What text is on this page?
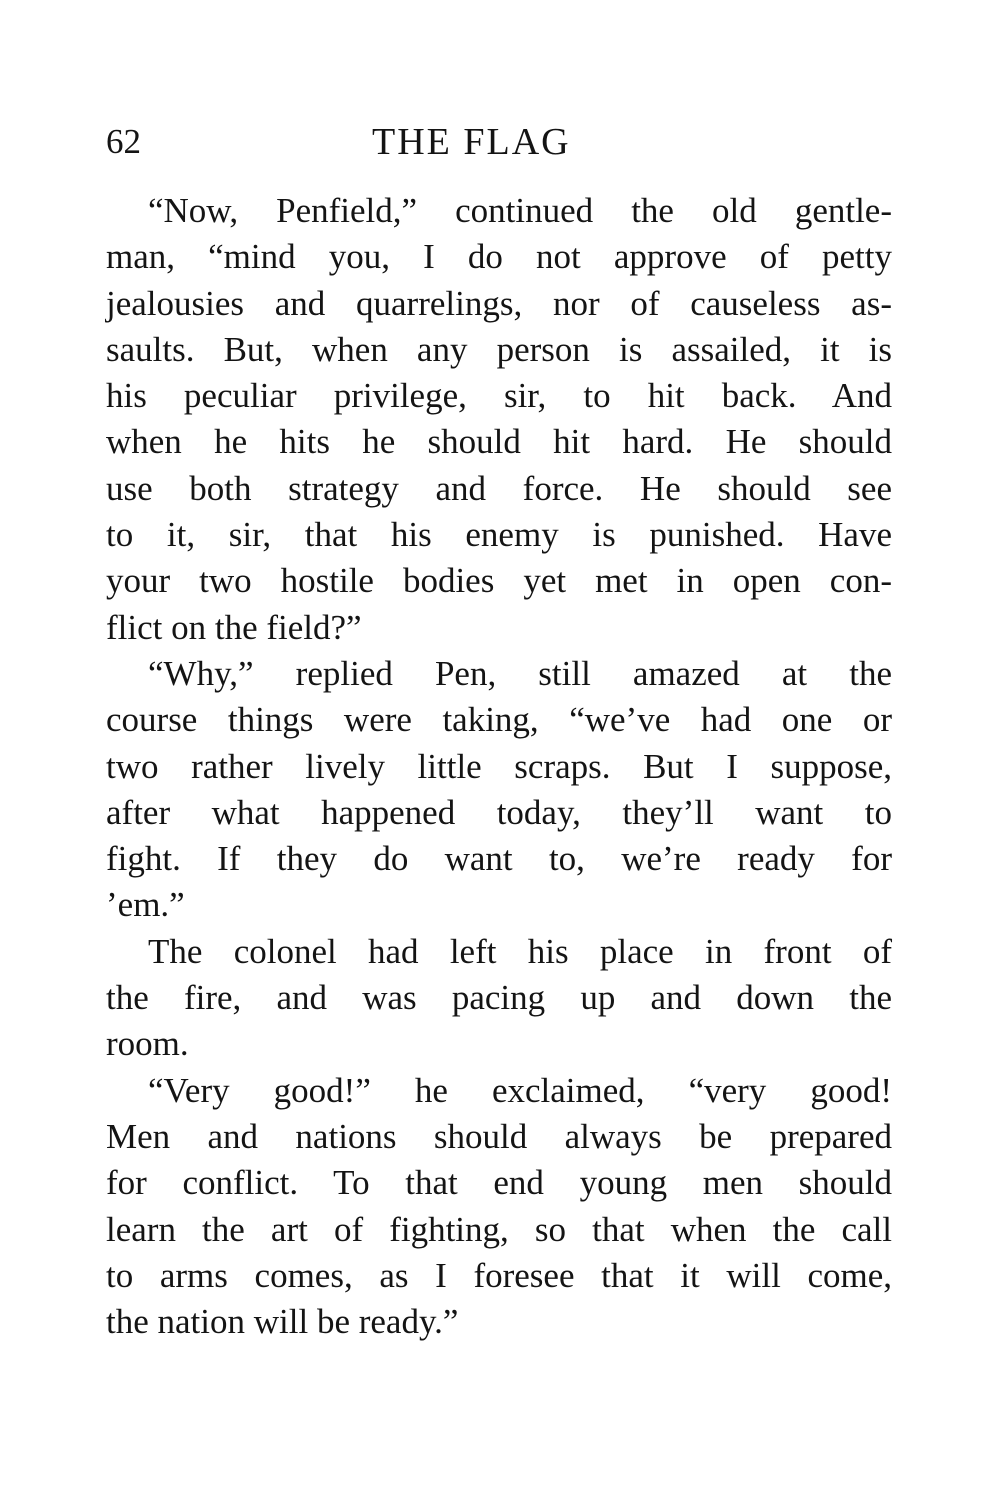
62	THE FLAG

“Now, Penfield,” continued the old gentle-
man, “mind you, I do not approve of petty
jealousies and quarrelings, nor of causeless as-
saults. But, when any person is assailed, it is
his peculiar privilege, sir, to hit back. And
when he hits he should hit hard. He should
use both strategy and force. He should see
to it, sir, that his enemy is punished. Have
your two hostile bodies yet met in open con-
flict on the field?”

“Why,” replied Pen, still amazed at the
course things were taking, “we’ve had one or
two rather lively little scraps. But I suppose,
after what happened today, they’ll want to
fight. If they do want to, we’re ready for
’em.”

The colonel had left his place in front of
the fire, and was pacing up and down the
room.

“Very good!” he exclaimed, “very good!
Men and nations should always be prepared
for conflict. To that end young men should
learn the art of fighting, so that when the call
to arms comes, as I foresee that it will come,
the nation will be ready.”
